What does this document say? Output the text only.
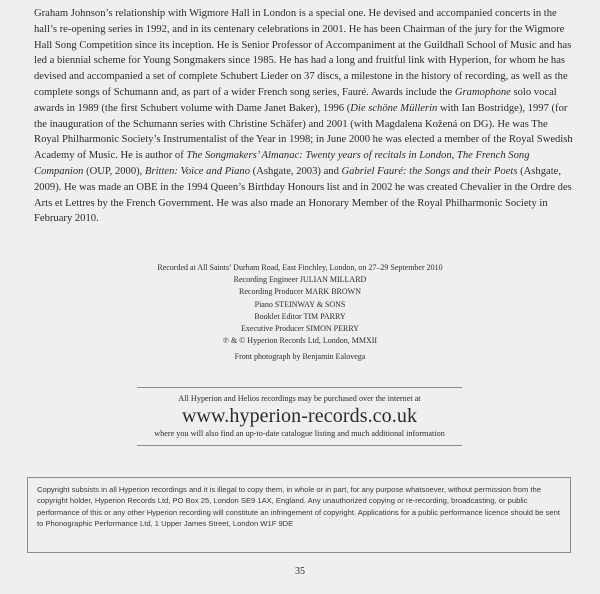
Graham Johnson’s relationship with Wigmore Hall in London is a special one. He devised and accompanied concerts in the hall’s re-opening series in 1992, and in its centenary celebrations in 2001. He has been Chairman of the jury for the Wigmore Hall Song Competition since its inception. He is Senior Professor of Accompaniment at the Guildhall School of Music and has led a biennial scheme for Young Songmakers since 1985. He has had a long and fruitful link with Hyperion, for whom he has devised and accompanied a set of complete Schubert Lieder on 37 discs, a milestone in the history of recording, as well as the complete songs of Schumann and, as part of a wider French song series, Fauré. Awards include the Gramophone solo vocal awards in 1989 (the first Schubert volume with Dame Janet Baker), 1996 (Die schöne Müllerin with Ian Bostridge), 1997 (for the inauguration of the Schumann series with Christine Schäfer) and 2001 (with Magdalena Kožená on DG). He was The Royal Philharmonic Society’s Instrumentalist of the Year in 1998; in June 2000 he was elected a member of the Royal Swedish Academy of Music. He is author of The Songmakers’ Almanac: Twenty years of recitals in London, The French Song Companion (OUP, 2000), Britten: Voice and Piano (Ashgate, 2003) and Gabriel Fauré: the Songs and their Poets (Ashgate, 2009). He was made an OBE in the 1994 Queen’s Birthday Honours list and in 2002 he was created Chevalier in the Ordre des Arts et Lettres by the French Government. He was also made an Honorary Member of the Royal Philharmonic Society in February 2010.

Recorded at All Saints’ Durham Road, East Finchley, London, on 27–29 September 2010
Recording Engineer JULIAN MILLARD
Recording Producer MARK BROWN
Piano STEINWAY & SONS
Booklet Editor TIM PARRY
Executive Producer SIMON PERRY
℗ & © Hyperion Records Ltd, London, MMXII
Front photograph by Benjamin Ealovega
All Hyperion and Helios recordings may be purchased over the internet at
www.hyperion-records.co.uk
where you will also find an up-to-date catalogue listing and much additional information
Copyright subsists in all Hyperion recordings and it is illegal to copy them, in whole or in part, for any purpose whatsoever, without permission from the copyright holder, Hyperion Records Ltd, PO Box 25, London SE9 1AX, England. Any unauthorized copying or re-recording, broadcasting, or public performance of this or any other Hyperion recording will constitute an infringement of copyright. Applications for a public performance licence should be sent to Phonographic Performance Ltd, 1 Upper James Street, London W1F 9DE
35
